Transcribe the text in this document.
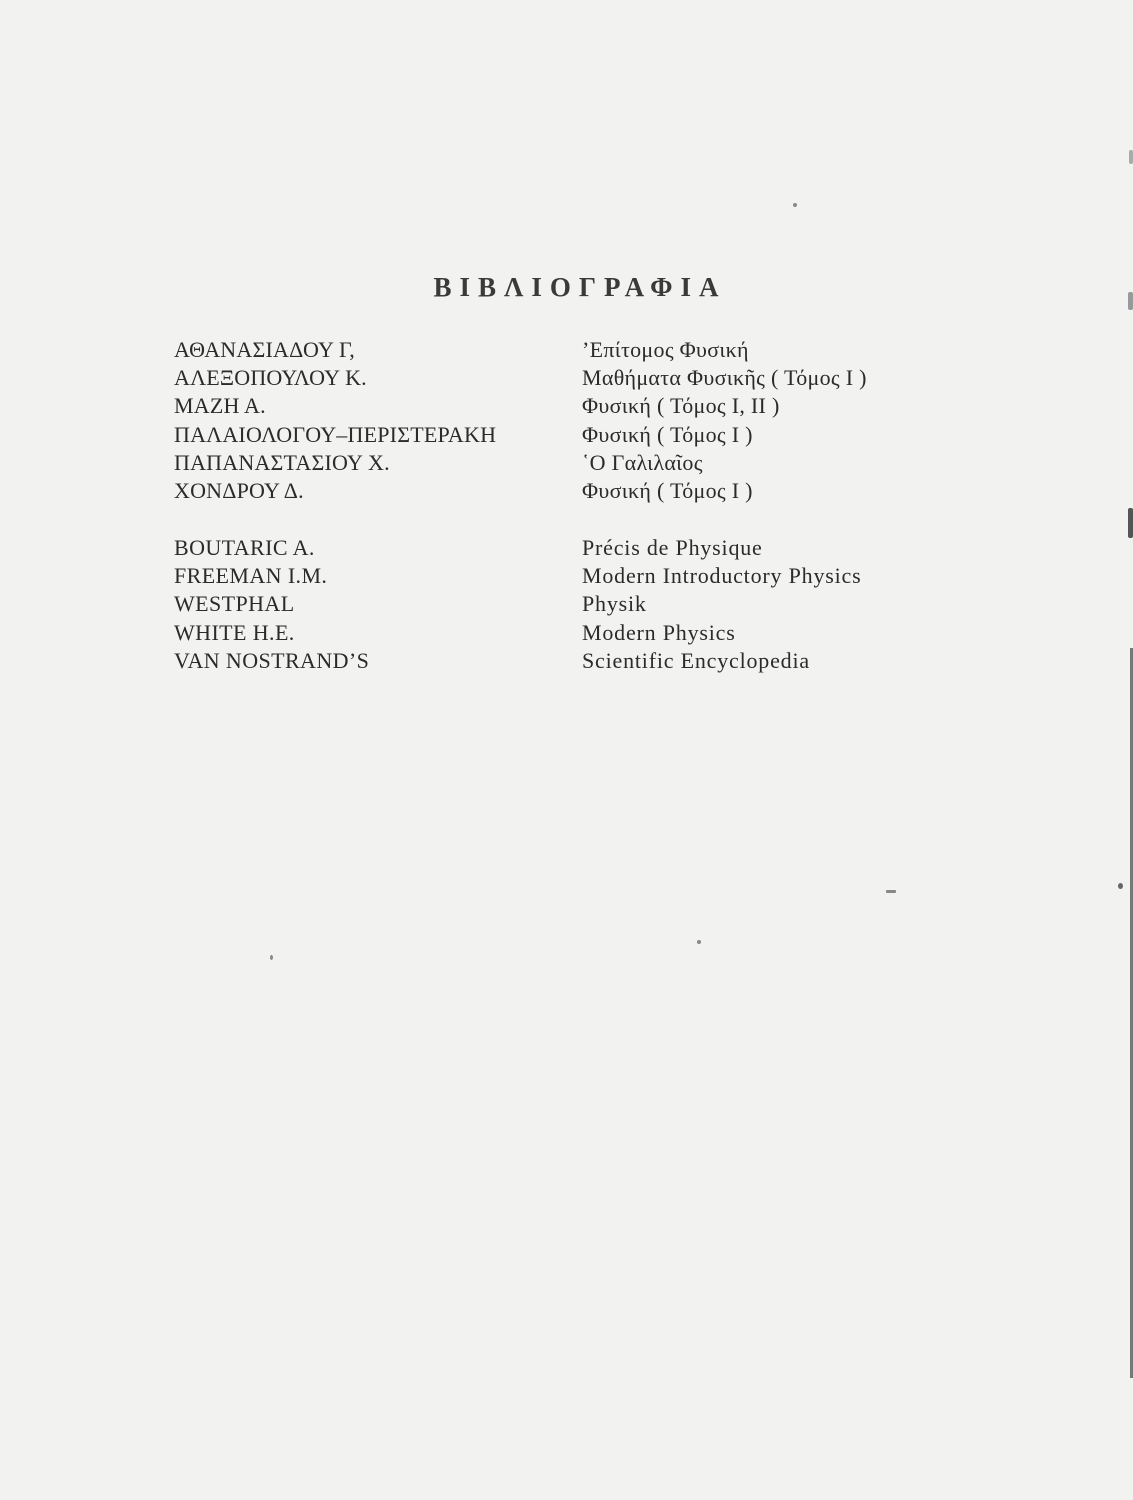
ΒΙΒΛΙΟΓΡΑΦΙΑ
ΑΘΑΝΑΣΙΑΔΟΥ Γ,	’Επίτομος Φυσική
ΑΛΕΞΟΠΟΥΛΟΥ Κ.	Μαθήματα Φυσικῆς ( Τόμος Ι )
ΜΑΖΗ Α.	Φυσική ( Τόμος Ι, ΙΙ )
ΠΑΛΑΙΟΛΟΓΟΥ–ΠΕΡΙΣΤΕΡΑΚΗ	Φυσική ( Τόμος Ι )
ΠΑΠΑΝΑΣΤΑΣΙΟΥ Χ.	῾Ο Γαλιλαῖος
ΧΟΝΔΡΟΥ Δ.	Φυσική ( Τόμος Ι )
BOUTARIC A.	Précis de Physique
FREEMAN I.M.	Modern Introductory Physics
WESTPHAL	Physik
WHITE H.E.	Modern Physics
VAN NOSTRAND’S	Scientific Encyclopedia
